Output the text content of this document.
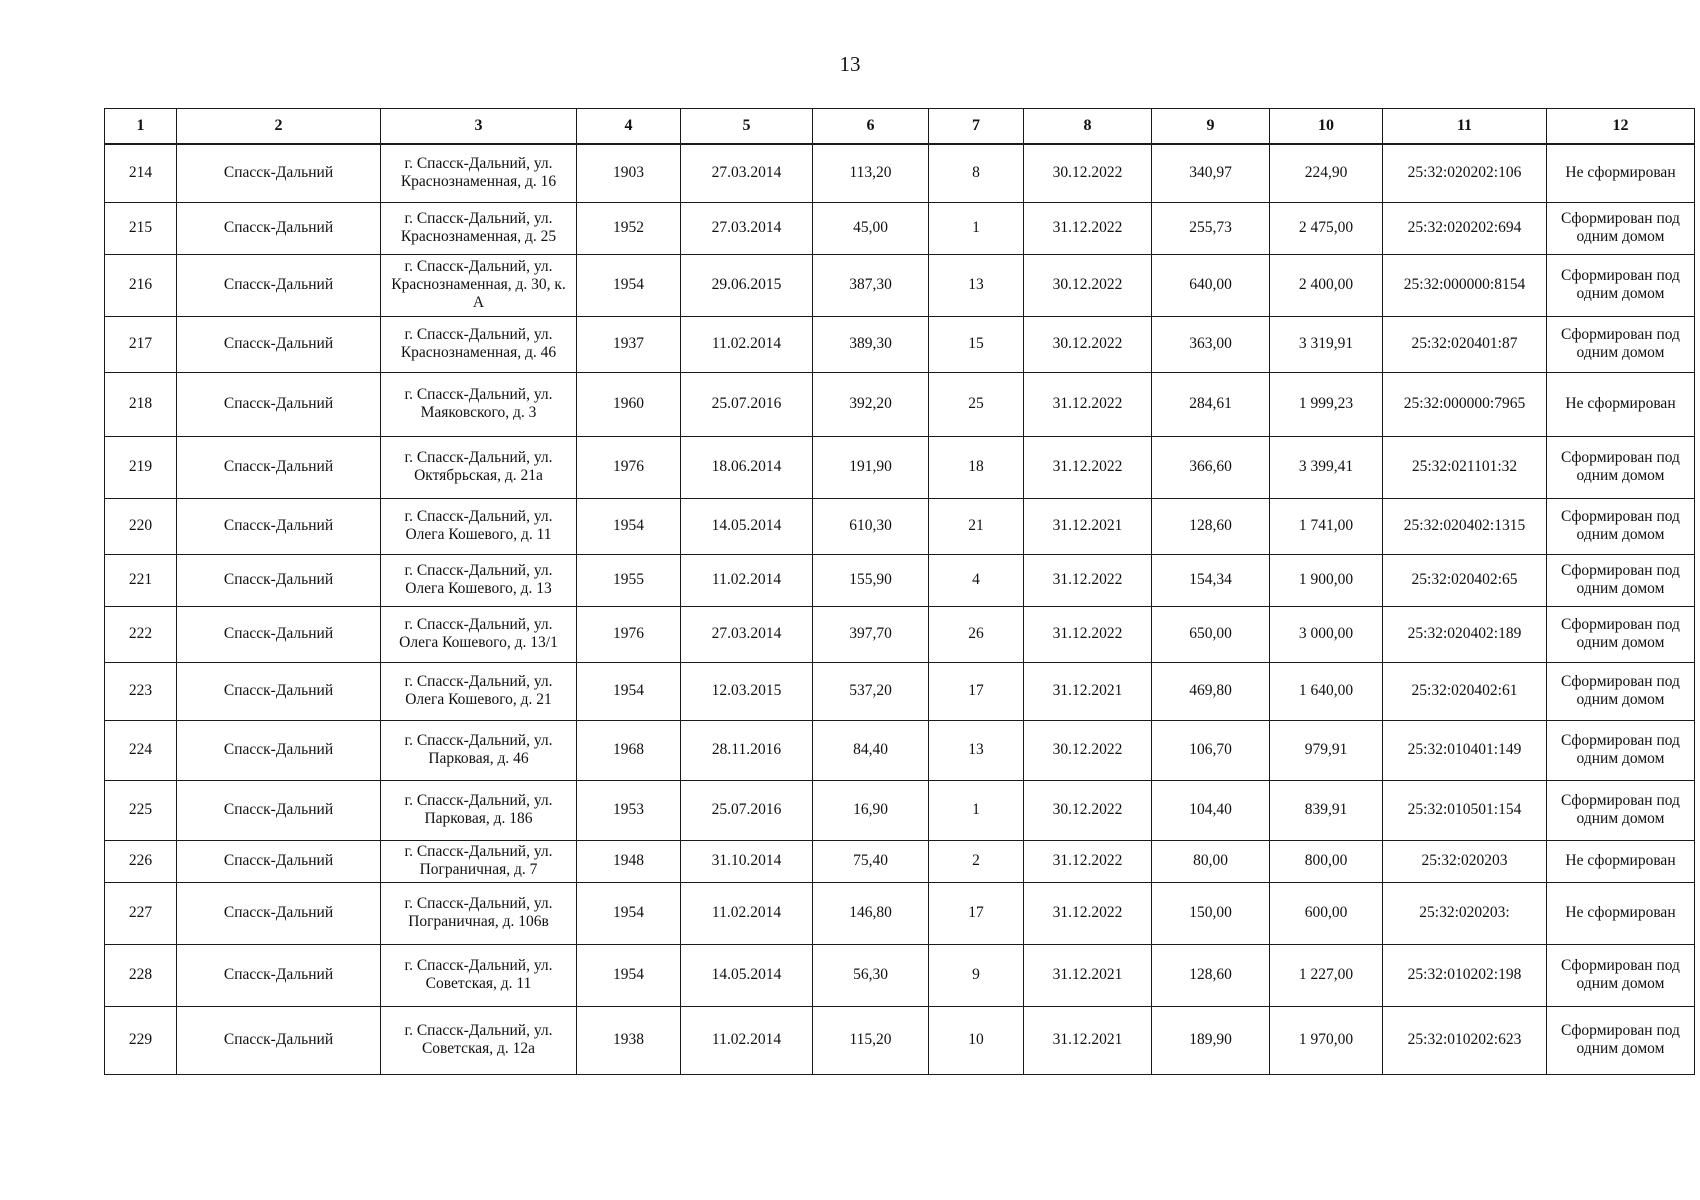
13
1	2	3	4	5	6	7	8	9	10	11	12
214	Спасск-Дальний	г. Спасск-Дальний, ул. Краснознаменная, д. 16	1903	27.03.2014	113,20	8	30.12.2022	340,97	224,90	25:32:020202:106	Не сформирован
215	Спасск-Дальний	г. Спасск-Дальний, ул. Краснознаменная, д. 25	1952	27.03.2014	45,00	1	31.12.2022	255,73	2 475,00	25:32:020202:694	Сформирован под одним домом
216	Спасск-Дальний	г. Спасск-Дальний, ул. Краснознаменная, д. 30, к. А	1954	29.06.2015	387,30	13	30.12.2022	640,00	2 400,00	25:32:000000:8154	Сформирован под одним домом
217	Спасск-Дальний	г. Спасск-Дальний, ул. Краснознаменная, д. 46	1937	11.02.2014	389,30	15	30.12.2022	363,00	3 319,91	25:32:020401:87	Сформирован под одним домом
218	Спасск-Дальний	г. Спасск-Дальний, ул. Маяковского, д. 3	1960	25.07.2016	392,20	25	31.12.2022	284,61	1 999,23	25:32:000000:7965	Не сформирован
219	Спасск-Дальний	г. Спасск-Дальний, ул. Октябрьская, д. 21а	1976	18.06.2014	191,90	18	31.12.2022	366,60	3 399,41	25:32:021101:32	Сформирован под одним домом
220	Спасск-Дальний	г. Спасск-Дальний, ул. Олега Кошевого, д. 11	1954	14.05.2014	610,30	21	31.12.2021	128,60	1 741,00	25:32:020402:1315	Сформирован под одним домом
221	Спасск-Дальний	г. Спасск-Дальний, ул. Олега Кошевого, д. 13	1955	11.02.2014	155,90	4	31.12.2022	154,34	1 900,00	25:32:020402:65	Сформирован под одним домом
222	Спасск-Дальний	г. Спасск-Дальний, ул. Олега Кошевого, д. 13/1	1976	27.03.2014	397,70	26	31.12.2022	650,00	3 000,00	25:32:020402:189	Сформирован под одним домом
223	Спасск-Дальний	г. Спасск-Дальний, ул. Олега Кошевого, д. 21	1954	12.03.2015	537,20	17	31.12.2021	469,80	1 640,00	25:32:020402:61	Сформирован под одним домом
224	Спасск-Дальний	г. Спасск-Дальний, ул. Парковая, д. 46	1968	28.11.2016	84,40	13	30.12.2022	106,70	979,91	25:32:010401:149	Сформирован под одним домом
225	Спасск-Дальний	г. Спасск-Дальний, ул. Парковая, д. 186	1953	25.07.2016	16,90	1	30.12.2022	104,40	839,91	25:32:010501:154	Сформирован под одним домом
226	Спасск-Дальний	г. Спасск-Дальний, ул. Пограничная, д. 7	1948	31.10.2014	75,40	2	31.12.2022	80,00	800,00	25:32:020203	Не сформирован
227	Спасск-Дальний	г. Спасск-Дальний, ул. Пограничная, д. 106в	1954	11.02.2014	146,80	17	31.12.2022	150,00	600,00	25:32:020203:	Не сформирован
228	Спасск-Дальний	г. Спасск-Дальний, ул. Советская, д. 11	1954	14.05.2014	56,30	9	31.12.2021	128,60	1 227,00	25:32:010202:198	Сформирован под одним домом
229	Спасск-Дальний	г. Спасск-Дальний, ул. Советская, д. 12а	1938	11.02.2014	115,20	10	31.12.2021	189,90	1 970,00	25:32:010202:623	Сформирован под одним домом
